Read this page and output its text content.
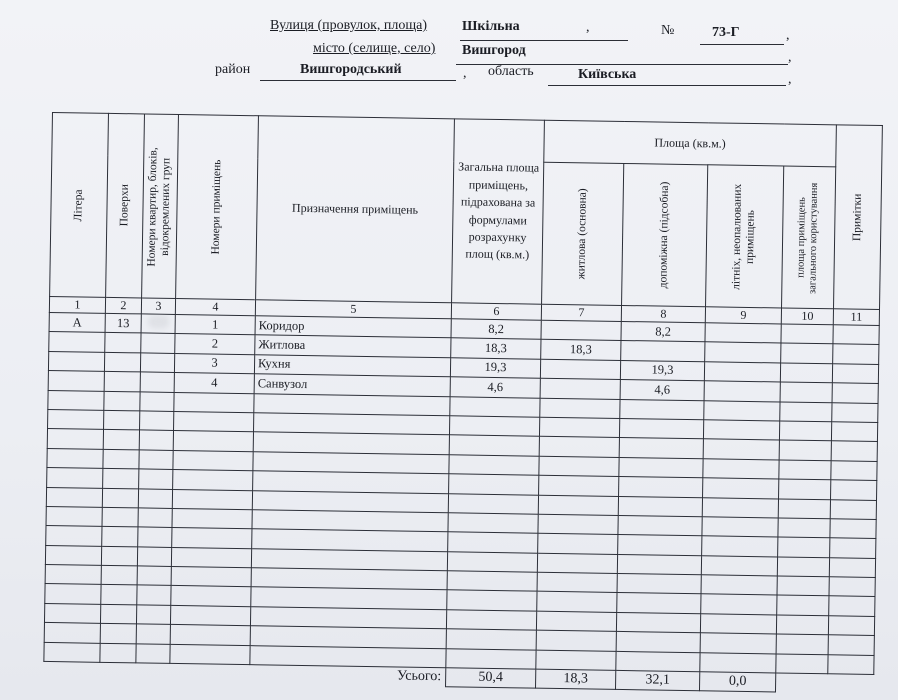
Вулиця (провулок, площа) Шкільна	,	№	73-Г	,
місто (селище, село) Вишгород	,
район	Вишгородський	, область	Київська	,
Літера	Поверхи	Номери квартир, блоків, відокремлених груп	Номери приміщень	Призначення приміщень	Загальна площа приміщень, підрахована за формулами розрахунку площ (кв.м.)	Площа (кв.м.)				Примітки

						житлова (основна)	допоміжна (підсобна)	літніх, неопалюваних приміщень	площа приміщень загального користування	

1	2	3	4	5	6	7	8	9	10	11
А	13		1	Коридор	8,2		8,2			
			2	Житлова	18,3	18,3				
			3	Кухня	19,3		19,3			
			4	Санвузол	4,6		4,6			

Усього:					50,4	18,3	32,1	0,0		
